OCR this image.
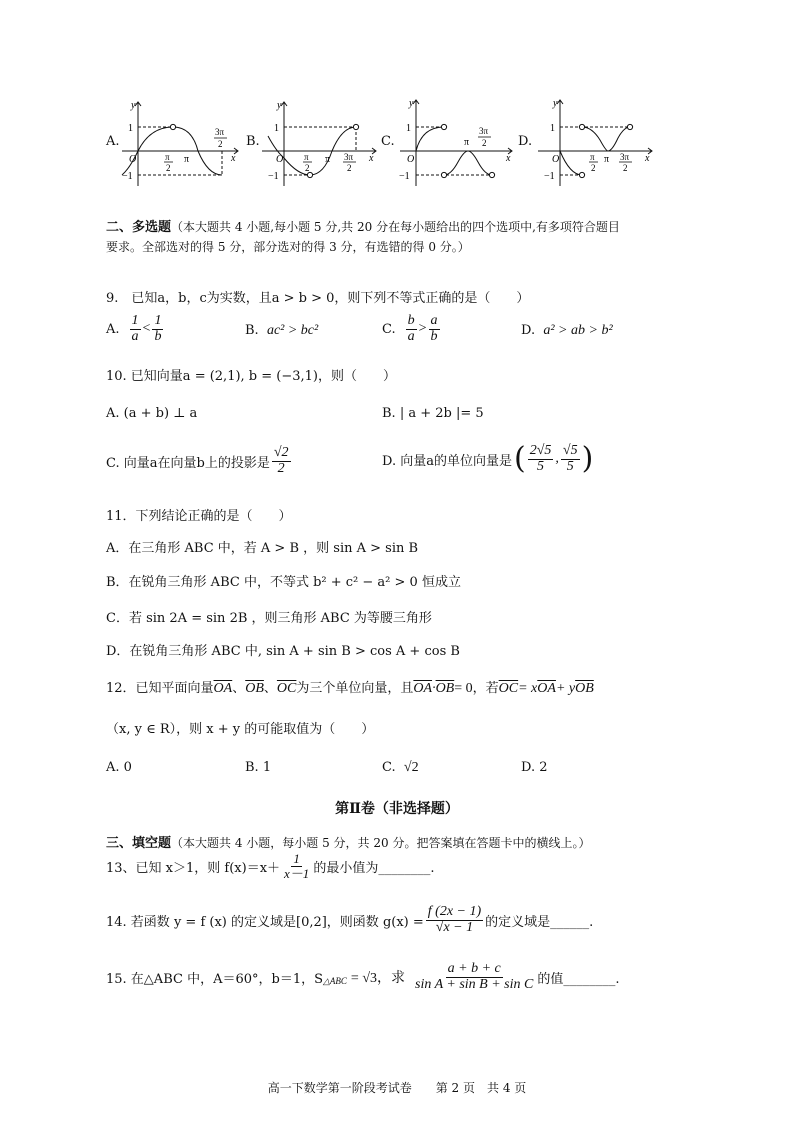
A.	B.	C.	D.
y
1
−1
O	π
2
π
3π
2
x
y
1
−1
O π
2
π 3π
2
x
y
1
−1
O
π
3π
2
x
y
1
−1
O	π
2
π 3π
2
x
二、多选题（本大题共 4 小题,每小题 5 分,共 20 分在每小题给出的四个选项中,有多项符合题目
要求。全部选对的得 5 分，部分选对的得 3 分，有选错的得 0 分。）
9.　已知a，b，c为实数，且a > b > 0，则下列不等式正确的是（　　）
A. $\frac{1}{a} < \frac{1}{b}$	B. ac² > bc²	C. $\frac{b}{a} > \frac{a}{b}$	D. a² > ab > b²
10. 已知向量a = (2,1), b = (−3,1)，则（　　）
A. (a + b) ⊥ a	B. | a + 2b |= 5
C. 向量a在向量b上的投影是 $\frac{√2}{2}$	D. 向量a的单位向量是 ( $\frac{2√5}{5}$ , $\frac{√5}{5}$ )
11．下列结论正确的是（　　）
A．在三角形 ABC 中，若 A > B ，则 sin A > sin B
B．在锐角三角形 ABC 中，不等式 b² + c² − a² > 0 恒成立
C．若 sin 2A = sin 2B ，则三角形 ABC 为等腰三角形
D．在锐角三角形 ABC 中, sin A + sin B > cos A + cos B
12．已知平面向量$\overline{OA}$、$\overline{OB}$、$\overline{OC}$为三个单位向量，且$\overline{OA}\cdot\overline{OB}= 0$，若$\overline{OC}= x\overline{OA}+ y\overline{OB}$
（x, y ∈ R），则 x + y 的可能取值为（　　）
A. 0	B. 1	C. √2	D. 2
第Ⅱ卷（非选择题）
三、填空题（本大题共 4 小题，每小题 5 分，共 20 分。把答案填在答题卡中的横线上。）
13、已知 x＞1，则 $f(x)=x+ \frac{1}{x-1}$ 的最小值为________.
14. 若函数 y = f (x) 的定义域是[0,2]，则函数 $g(x) = \frac{f (2x - 1)}{√x - 1}$ 的定义域是______.
15. 在△ABC 中，A＝60°，b＝1，S △ABC = √3，求 $\frac{a + b + c}{\text{sin A + sin B + sin C}}$ 的值________.
高一下数学第一阶段考试卷　　第 2 页　共 4 页
